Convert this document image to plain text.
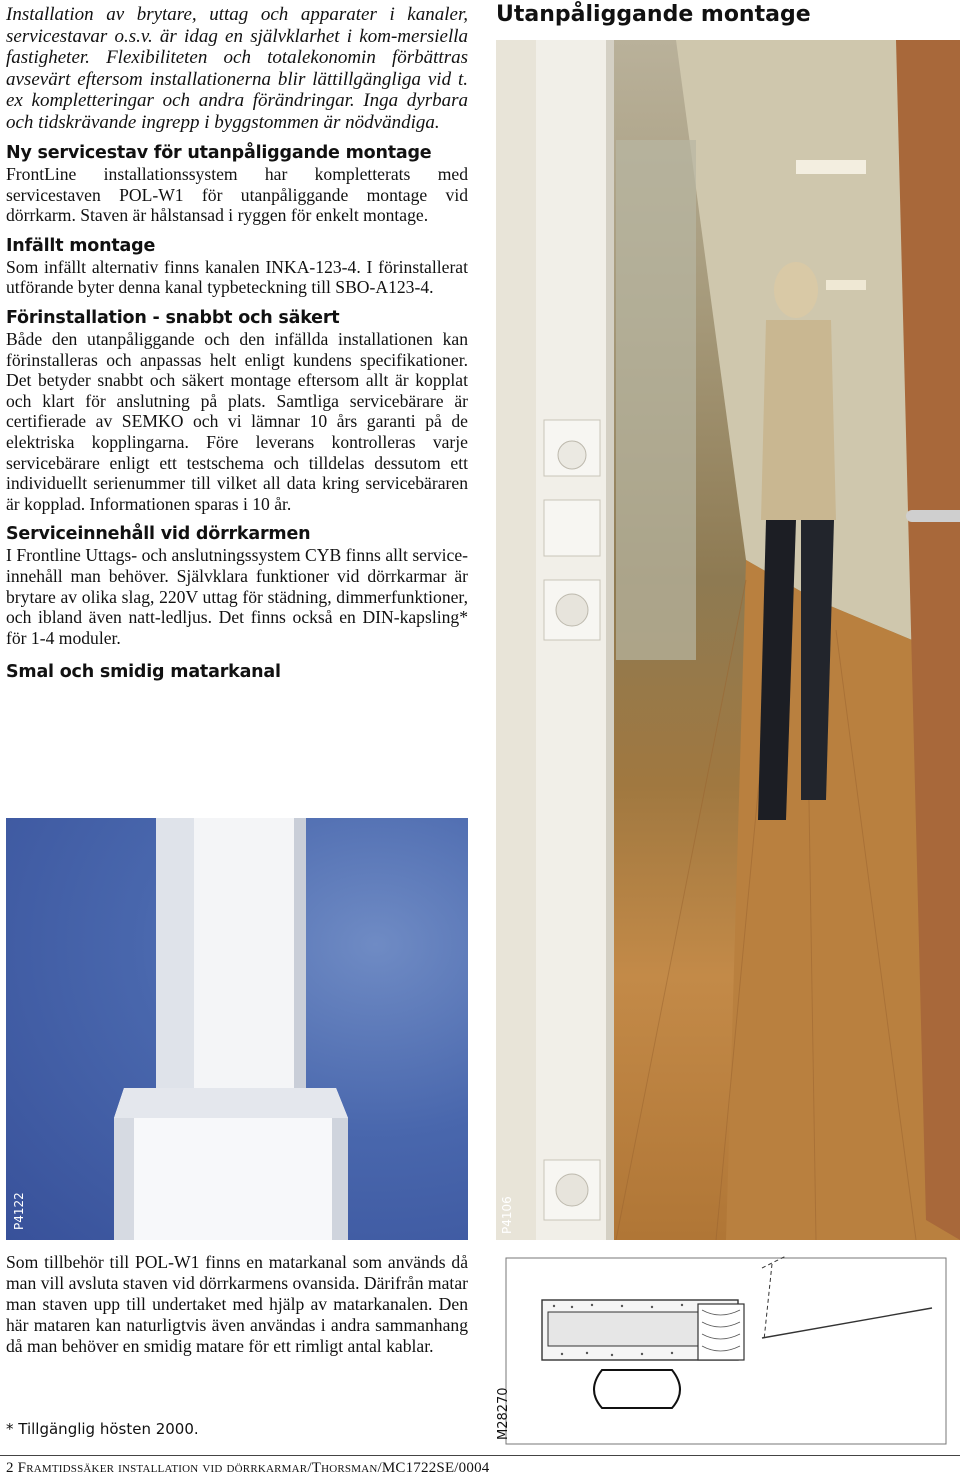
Installation av brytare, uttag och apparater i kanaler, servicestavar o.s.v. är idag en självklarhet i kom-mersiella fastigheter. Flexibiliteten och totalekonomin förbättras avsevärt eftersom installationerna blir lättillgängliga vid t. ex kompletteringar och andra förändringar. Inga dyrbara och tidskrävande ingrepp i byggstommen är nödvändiga.

Ny servicestav för utanpåliggande montage

FrontLine installationssystem har kompletterats med servicestaven POL-W1 för utanpåliggande montage vid dörrkarm. Staven är hålstansad i ryggen för enkelt montage.

Infällt montage

Som infällt alternativ finns kanalen INKA-123-4. I förinstallerat utförande byter denna kanal typbeteckning till SBO-A123-4.

Förinstallation - snabbt och säkert

Både den utanpåliggande och den infällda installationen kan förinstalleras och anpassas helt enligt kundens specifikationer. Det betyder snabbt och säkert montage eftersom allt är kopplat och klart för anslutning på plats. Samtliga servicebärare är certifierade av SEMKO och vi lämnar 10 års garanti på de elektriska kopplingarna. Före leverans kontrolleras varje servicebärare enligt ett testschema och tilldelas dessutom ett individuellt serienummer till vilket all data kring servicebäraren är kopplad. Informationen sparas i 10 år.

Serviceinnehåll vid dörrkarmen

I Frontline Uttags- och anslutningssystem CYB finns allt service-innehåll man behöver. Självklara funktioner vid dörrkarmar är brytare av olika slag, 220V uttag för städning, dimmerfunktioner, och ibland även natt-ledljus. Det finns också en DIN-kapsling* för 1-4 moduler.

Smal och smidig matarkanal
Utanpåliggande montage
P4106
P4122

Som tillbehör till POL-W1 finns en matarkanal som används då man vill avsluta staven vid dörrkarmens ovansida. Därifrån matar man staven upp till undertaket med hjälp av matarkanalen. Den här mataren kan naturligtvis även användas i andra sammanhang då man behöver en smidig matare för ett rimligt antal kablar.

* Tillgänglig hösten 2000.	M28270

2 Framtidssäker installation vid dörrkarmar/Thorsman/MC1722SE/0004
